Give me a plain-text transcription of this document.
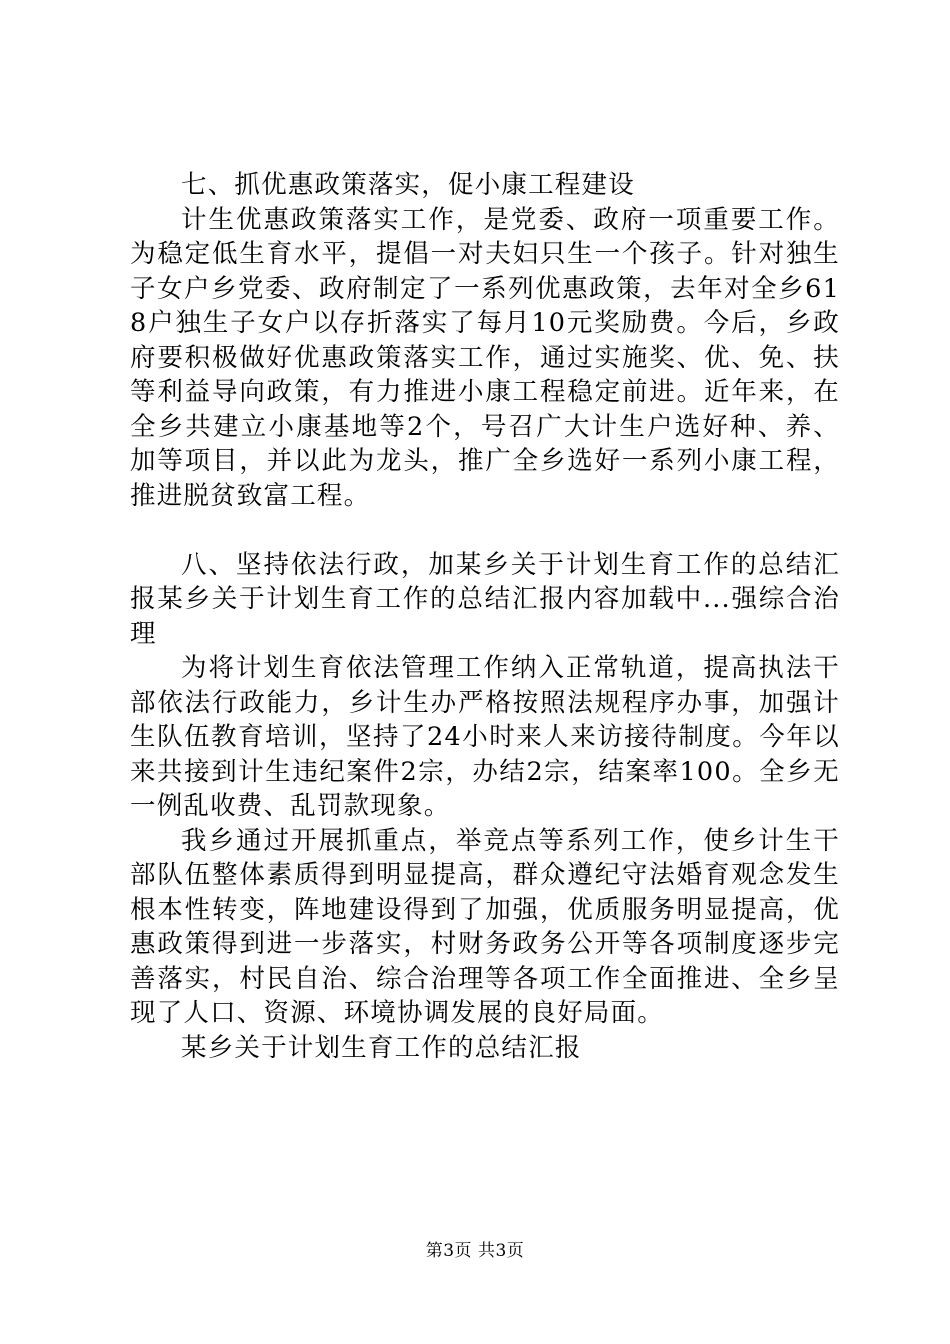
七、抓优惠政策落实，促小康工程建设

计生优惠政策落实工作，是党委、政府一项重要工作。为稳定低生育水平，提倡一对夫妇只生一个孩子。针对独生子女户乡党委、政府制定了一系列优惠政策，去年对全乡618户独生子女户以存折落实了每月10元奖励费。今后，乡政府要积极做好优惠政策落实工作，通过实施奖、优、免、扶等利益导向政策，有力推进小康工程稳定前进。近年来，在全乡共建立小康基地等2个，号召广大计生户选好种、养、加等项目，并以此为龙头，推广全乡选好一系列小康工程，推进脱贫致富工程。

八、坚持依法行政，加某乡关于计划生育工作的总结汇报某乡关于计划生育工作的总结汇报内容加载中...强综合治理

为将计划生育依法管理工作纳入正常轨道，提高执法干部依法行政能力，乡计生办严格按照法规程序办事，加强计生队伍教育培训，坚持了24小时来人来访接待制度。今年以来共接到计生违纪案件2宗，办结2宗，结案率100。全乡无一例乱收费、乱罚款现象。

我乡通过开展抓重点，举竞点等系列工作，使乡计生干部队伍整体素质得到明显提高，群众遵纪守法婚育观念发生根本性转变，阵地建设得到了加强，优质服务明显提高，优惠政策得到进一步落实，村财务政务公开等各项制度逐步完善落实，村民自治、综合治理等各项工作全面推进、全乡呈现了人口、资源、环境协调发展的良好局面。

某乡关于计划生育工作的总结汇报

第3页 共3页
